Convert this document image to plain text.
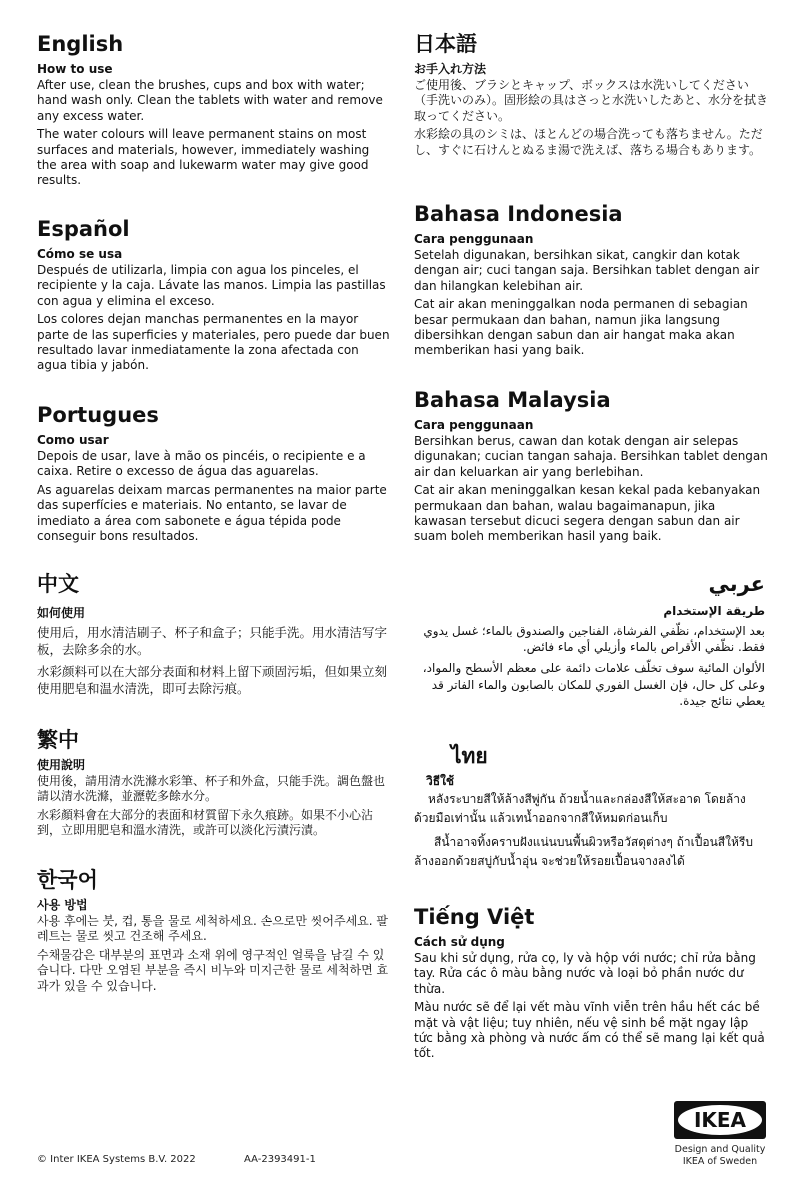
English
How to use

After use, clean the brushes, cups and box with water; hand wash only. Clean the tablets with water and remove any excess water.

The water colours will leave permanent stains on most surfaces and materials, however, immediately washing the area with soap and lukewarm water may give good results.

日本語
お手入れ方法

ご使用後、ブラシとキャップ、ボックスは水洗いしてください（手洗いのみ）。固形絵の具はさっと水洗いしたあと、水分を拭き取ってください。

水彩絵の具のシミは、ほとんどの場合洗っても落ちません。ただし、すぐに石けんとぬるま湯で洗えば、落ちる場合もあります。

Español
Cómo se usa

Después de utilizarla, limpia con agua los pinceles, el recipiente y la caja. Lávate las manos. Limpia las pastillas con agua y elimina el exceso.

Los colores dejan manchas permanentes en la mayor parte de las superficies y materiales, pero puede dar buen resultado lavar inmediatamente la zona afectada con agua tibia y jabón.

Bahasa Indonesia
Cara penggunaan

Setelah digunakan, bersihkan sikat, cangkir dan kotak dengan air; cuci tangan saja. Bersihkan tablet dengan air dan hilangkan kelebihan air.

Cat air akan meninggalkan noda permanen di sebagian besar permukaan dan bahan, namun jika langsung dibersihkan dengan sabun dan air hangat maka akan memberikan hasi yang baik.

Portugues
Como usar

Depois de usar, lave à mão os pincéis, o recipiente e a caixa. Retire o excesso de água das aguarelas.

As aguarelas deixam marcas permanentes na maior parte das superfícies e materiais. No entanto, se lavar de imediato a área com sabonete e água tépida pode conseguir bons resultados.

Bahasa Malaysia
Cara penggunaan

Bersihkan berus, cawan dan kotak dengan air selepas digunakan; cucian tangan sahaja. Bersihkan tablet dengan air dan keluarkan air yang berlebihan.

Cat air akan meninggalkan kesan kekal pada kebanyakan permukaan dan bahan, walau bagaimanapun, jika kawasan tersebut dicuci segera dengan sabun dan air suam boleh memberikan hasil yang baik.

中文
如何使用

使用后，用水清洁刷子、杯子和盒子；只能手洗。用水清洁写字板，去除多余的水。

水彩颜料可以在大部分表面和材料上留下顽固污垢，但如果立刻使用肥皂和温水清洗，即可去除污痕。

عربي
طريقة الإستخدام

بعد الإستخدام، نظّفي الفرشاة، الفناجين والصندوق بالماء؛ غسل يدوي فقط. نظّفي الأقراص بالماء وأزيلي أي ماء فائض.

الألوان المائية سوف تخلّف علامات دائمة على معظم الأسطح والمواد، وعلى كل حال، فإن الغسل الفوري للمكان بالصابون والماء الفاتر قد يعطي نتائج جيدة.

繁中
使用說明

使用後，請用清水洗滌水彩筆、杯子和外盒，只能手洗。調色盤也請以清水洗滌，並瀝乾多餘水分。

水彩顏料會在大部分的表面和材質留下永久痕跡。如果不小心沾到，立即用肥皂和溫水清洗，或許可以淡化污漬污漬。

ไทย
วิธีใช้

หลังระบายสีให้ล้างสีพู่กัน ถ้วยน้ำและกล่องสีให้สะอาด โดยล้างด้วยมือเท่านั้น แล้วเทน้ำออกจากสีให้หมดก่อนเก็บ

สีน้ำอาจทิ้งคราบฝังแน่นบนพื้นผิวหรือวัสดุต่างๆ ถ้าเปื้อนสีให้รีบล้างออกด้วยสบู่กับน้ำอุ่น จะช่วยให้รอยเปื้อนจางลงได้

한국어
사용 방법

사용 후에는 붓, 컵, 통을 물로 세척하세요. 손으로만 씻어주세요. 팔레트는 물로 씻고 건조해 주세요.

수채물감은 대부분의 표면과 소재 위에 영구적인 얼룩을 남길 수 있습니다. 다만 오염된 부분을 즉시 비누와 미지근한 물로 세척하면 효과가 있을 수 있습니다.

Tiếng Việt
Cách sử dụng

Sau khi sử dụng, rửa cọ, ly và hộp với nước; chỉ rửa bằng tay. Rửa các ô màu bằng nước và loại bỏ phần nước dư thừa.

Màu nước sẽ để lại vết màu vĩnh viễn trên hầu hết các bề mặt và vật liệu; tuy nhiên, nếu vệ sinh bề mặt ngay lập tức bằng xà phòng và nước ấm có thể sẽ mang lại kết quả tốt.

© Inter IKEA Systems B.V. 2022	AA-2393491-1
IKEA
Design and Quality
IKEA of Sweden
